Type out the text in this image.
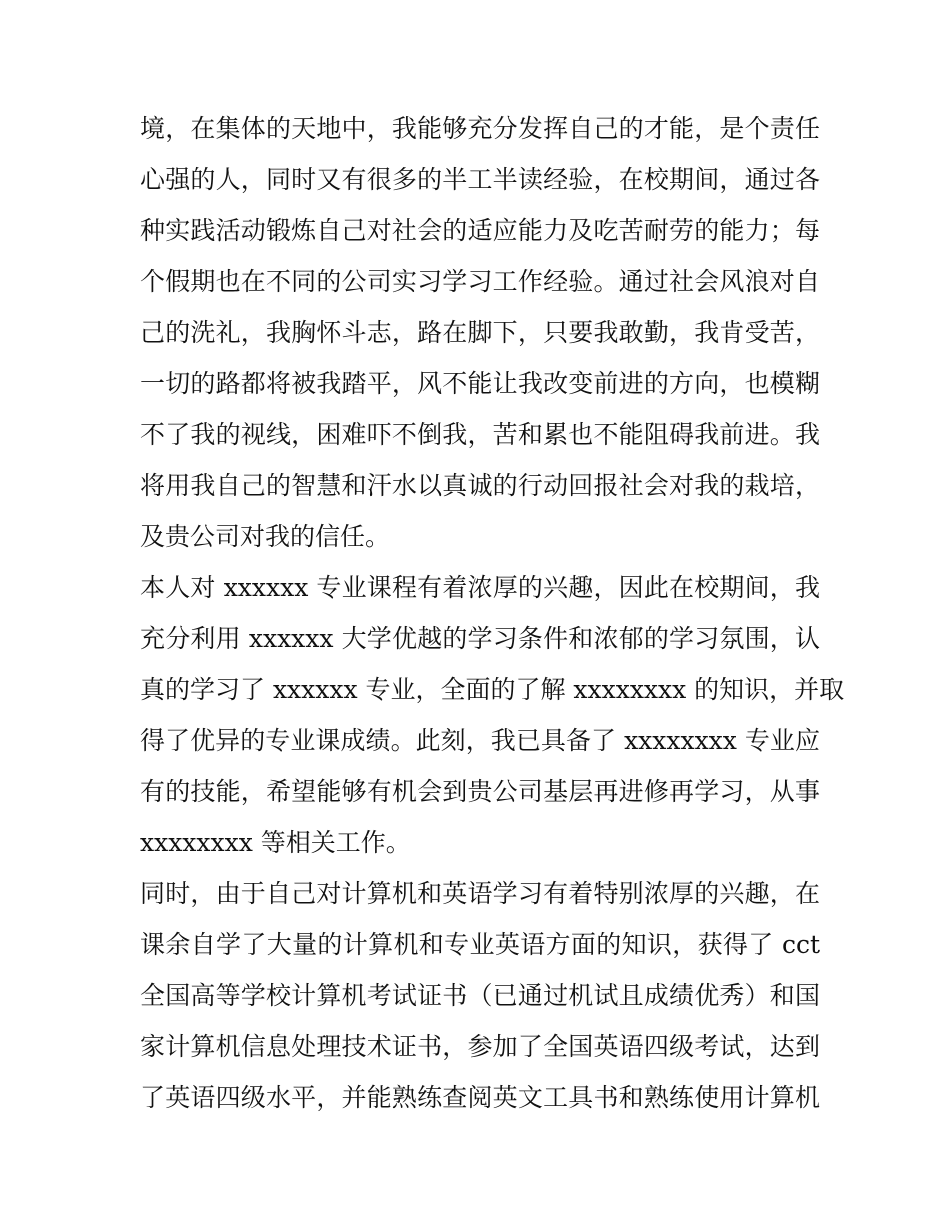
境，在集体的天地中，我能够充分发挥自己的才能，是个责任
心强的人，同时又有很多的半工半读经验，在校期间，通过各
种实践活动锻炼自己对社会的适应能力及吃苦耐劳的能力；每
个假期也在不同的公司实习学习工作经验。通过社会风浪对自
己的洗礼，我胸怀斗志，路在脚下，只要我敢勤，我肯受苦，
一切的路都将被我踏平，风不能让我改变前进的方向，也模糊
不了我的视线，困难吓不倒我，苦和累也不能阻碍我前进。我
将用我自己的智慧和汗水以真诚的行动回报社会对我的栽培，
及贵公司对我的信任。
本人对 xxxxxx 专业课程有着浓厚的兴趣，因此在校期间，我
充分利用 xxxxxx 大学优越的学习条件和浓郁的学习氛围，认
真的学习了 xxxxxx 专业，全面的了解 xxxxxxxx 的知识，并取
得了优异的专业课成绩。此刻，我已具备了 xxxxxxxx 专业应
有的技能，希望能够有机会到贵公司基层再进修再学习，从事
xxxxxxxx 等相关工作。
同时，由于自己对计算机和英语学习有着特别浓厚的兴趣，在
课余自学了大量的计算机和专业英语方面的知识，获得了 cct
全国高等学校计算机考试证书（已通过机试且成绩优秀）和国
家计算机信息处理技术证书，参加了全国英语四级考试，达到
了英语四级水平，并能熟练查阅英文工具书和熟练使用计算机
